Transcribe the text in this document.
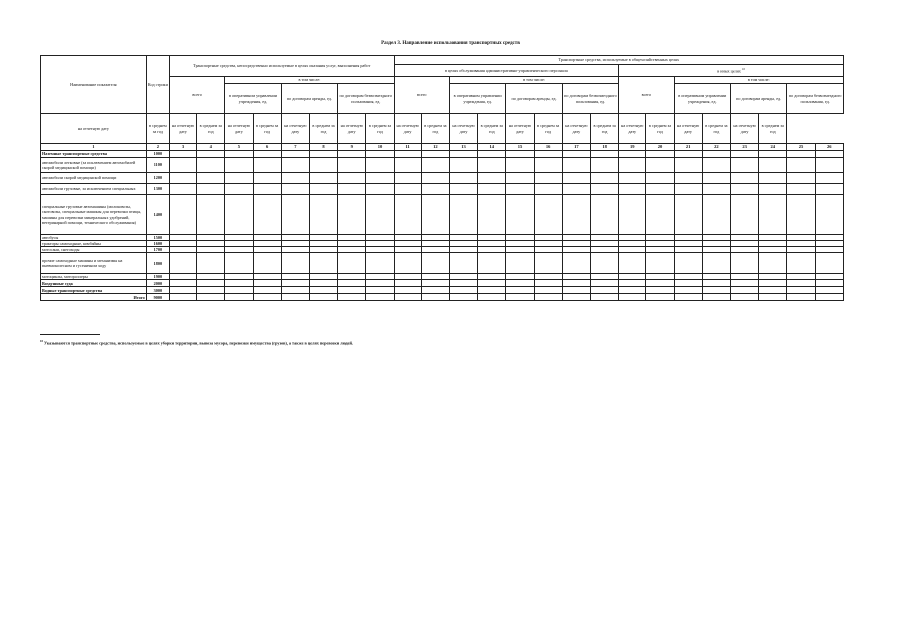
Раздел 3. Направление использования транспортных средств
Наименование показателя	Код строки	Транспортные средства, непосредственно используемые в целях оказания услуг, выполнения работ								Транспортные средства, используемые в общехозяйственных целях															
										в целях обслуживания административно-управленческого персонала								в иных целях $^{10}$
		всего		в том числе:						всего		в том числе:						всего		в том числе:					
				в оперативном управлении учреждения, ед.		по договорам аренды, ед.		по договорам безвозмездного пользования, ед.				в оперативном управлении учреждения, ед.		по договорам аренды, ед.		по договорам безвозмездного пользования, ед.				в оперативном управлении учреждения, ед.		по договорам аренды, ед.		по договорам безвозмездного пользования, ед.	
на отчетную дату	в среднем за год	на отчетную дату	в среднем за год	на отчетную дату	в среднем за год	на отчетную дату	в среднем за год	на отчетную дату	в среднем за год	на отчетную дату	в среднем за год	на отчетную дату	в среднем за год	на отчетную дату	в среднем за год	на отчетную дату	в среднем за год	на отчетную дату	в среднем за год	на отчетную дату	в среднем за год	на отчетную дату	в среднем за год		
1	2	3	4	5	6	7	8	9	10	11	12	13	14	15	16	17	18	19	20	21	22	23	24	25	26
Наземные транспортные средства	1000																								
автомобили легковые (за исключением автомобилей скорой медицинской помощи)	1100																								
автомобили скорой медицинской помощи	1200																								
автомобили грузовые, за исключением специальных	1300																								
специальные грузовые автомашины (молоковозы, скотовозы, специальные машины для перевозки птицы, машины для перевозки минеральных удобрений, ветеринарной помощи, технического обслуживания)	1400																								
автобусы	1500																								
тракторы самоходные, комбайны	1600																								
мотосани, снегоходы	1700																								
прочие самоходные машины и механизмы на пневмоколесном и гусеничном ходу	1800																								
мотоциклы, мотороллеры	1900																								
Воздушные суда	2000																								
Водные транспортные средства	3000																								
Итого	9000																								
$^{10}$ Указываются транспортные средства, используемые в целях уборки территории, вывоза мусора, перевозки имущества (грузов), а также в целях перевозки людей.
